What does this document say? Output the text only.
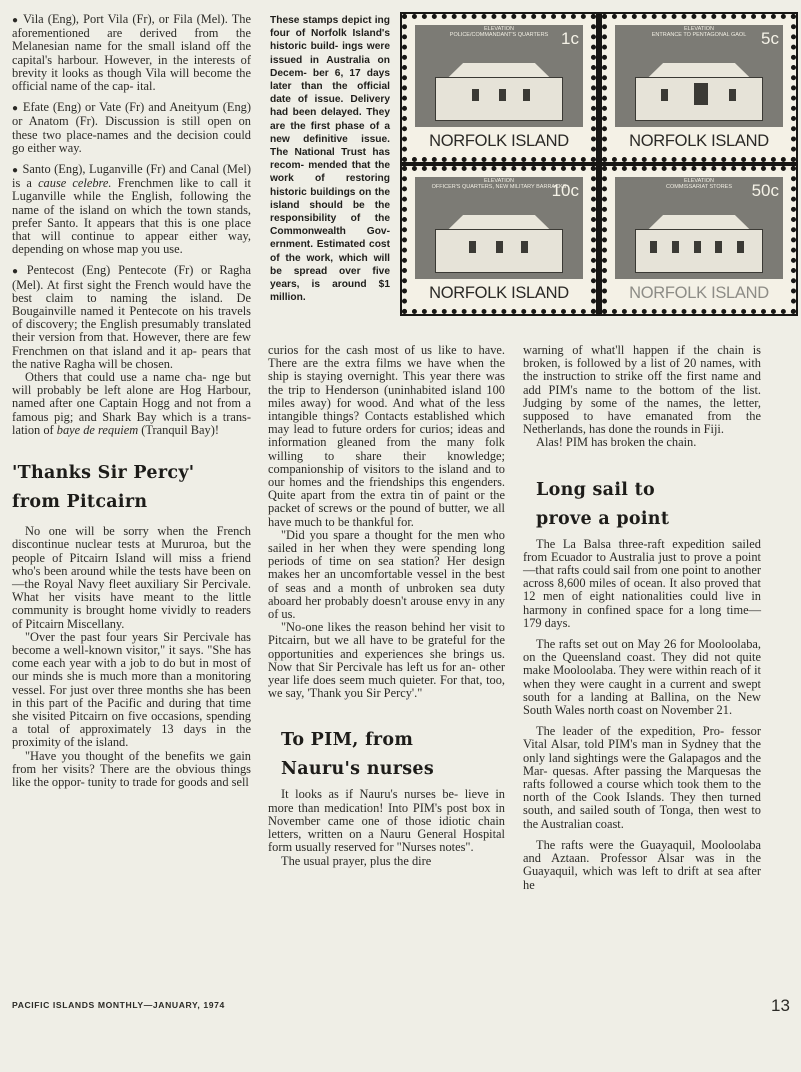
● Vila (Eng), Port Vila (Fr), or Fila (Mel). The aforementioned are derived from the Melanesian name for the small island off the capital's harbour. However, in the interests of brevity it looks as though Vila will become the official name of the cap- ital.

● Efate (Eng) or Vate (Fr) and Aneityum (Eng) or Anatom (Fr). Discussion is still open on these two place-names and the decision could go either way.

● Santo (Eng), Luganville (Fr) and Canal (Mel) is a cause celebre. Frenchmen like to call it Luganville while the English, following the name of the island on which the town stands, prefer Santo. It appears that this is one place that will continue to appear either way, depending on whose map you use.

● Pentecost (Eng) Pentecote (Fr) or Ragha (Mel). At first sight the French would have the best claim to naming the island. De Bougainville named it Pentecote on his travels of discovery; the English presumably translated their version from that. However, there are few Frenchmen on that island and it ap- pears that the native Ragha will be chosen.

Others that could use a name cha- nge but will probably be left alone are Hog Harbour, named after one Captain Hogg and not from a famous pig; and Shark Bay which is a trans- lation of baye de requiem (Tranquil Bay)!

'Thanks Sir Percy'

from Pitcairn

No one will be sorry when the French discontinue nuclear tests at Mururoa, but the people of Pitcairn Island will miss a friend who's been around while the tests have been on —the Royal Navy fleet auxiliary Sir Percivale. What her visits have meant to the little community is brought home vividly to readers of Pitcairn Miscellany.

"Over the past four years Sir Percivale has become a well-known visitor," it says. "She has come each year with a job to do but in most of our minds she is much more than a monitoring vessel. For just over three months she has been in this part of the Pacific and during that time she visited Pitcairn on five occasions, spending a total of approximately 13 days in the proximity of the island.

"Have you thought of the benefits we gain from her visits? There are the obvious things like the oppor- tunity to trade for goods and sell

These stamps depict ing four of Norfolk Island's historic build- ings were issued in Australia on Decem- ber 6, 17 days later than the official date of issue. Delivery had been delayed. They are the first phase of a new definitive issue. The National Trust has recom- mended that the work of restoring historic buildings on the island should be the responsibility of the Commonwealth Gov- ernment. Estimated cost of the work, which will be spread over five years, is around $1 million.
ELEVATION
POLICE/COMMANDANT'S QUARTERS 1c
NORFOLK ISLAND
ELEVATION
ENTRANCE TO PENTAGONAL GAOL 5c
NORFOLK ISLAND
ELEVATION
OFFICER'S QUARTERS, NEW MILITARY BARRACKS
10c
NORFOLK ISLAND
ELEVATION
COMMISSARIAT STORES 50c
NORFOLK ISLAND

curios for the cash most of us like to have. There are the extra films we have when the ship is staying overnight. This year there was the trip to Henderson (uninhabited island 100 miles away) for wood. And what of the less intangible things? Contacts established which may lead to future orders for curios; ideas and information gleaned from the many folk willing to share their knowledge; companionship of visitors to the island and to our homes and the friendships this engenders. Quite apart from the extra tin of paint or the packet of screws or the pound of butter, we all have much to be thankful for.

"Did you spare a thought for the men who sailed in her when they were spending long periods of time on sea station? Her design makes her an uncomfortable vessel in the best of seas and a month of unbroken sea duty aboard her probably doesn't arouse envy in any of us.

"No-one likes the reason behind her visit to Pitcairn, but we all have to be grateful for the opportunities and experiences she brings us. Now that Sir Percivale has left us for an- other year life does seem much quieter. For that, too, we say, 'Thank you Sir Percy'."

To PIM, from

Nauru's nurses

It looks as if Nauru's nurses be- lieve in more than medication! Into PIM's post box in November came one of those idiotic chain letters, written on a Nauru General Hospital form usually reserved for "Nurses notes".

The usual prayer, plus the dire

warning of what'll happen if the chain is broken, is followed by a list of 20 names, with the instruction to strike off the first name and add PIM's name to the bottom of the list. Judging by some of the names, the letter, supposed to have emanated from the Netherlands, has done the rounds in Fiji.

Alas! PIM has broken the chain.

Long sail to

prove a point

The La Balsa three-raft expedition sailed from Ecuador to Australia just to prove a point—that rafts could sail from one point to another across 8,600 miles of ocean. It also proved that 12 men of eight nationalities could live in harmony in confined space for a long time—179 days.

The rafts set out on May 26 for Mooloolaba, on the Queensland coast. They did not quite make Mooloolaba. They were within reach of it when they were caught in a current and swept south for a landing at Ballina, on the New South Wales north coast on November 21.

The leader of the expedition, Pro- fessor Vital Alsar, told PIM's man in Sydney that the only land sightings were the Galapagos and the Mar- quesas. After passing the Marquesas the rafts followed a course which took them to the north of the Cook Islands. They then turned south, and sailed south of Tonga, then west to the Australian coast.

The rafts were the Guayaquil, Mooloolaba and Aztaan. Professor Alsar was in the Guayaquil, which was left to drift at sea after he

PACIFIC ISLANDS MONTHLY—JANUARY, 1974	13
